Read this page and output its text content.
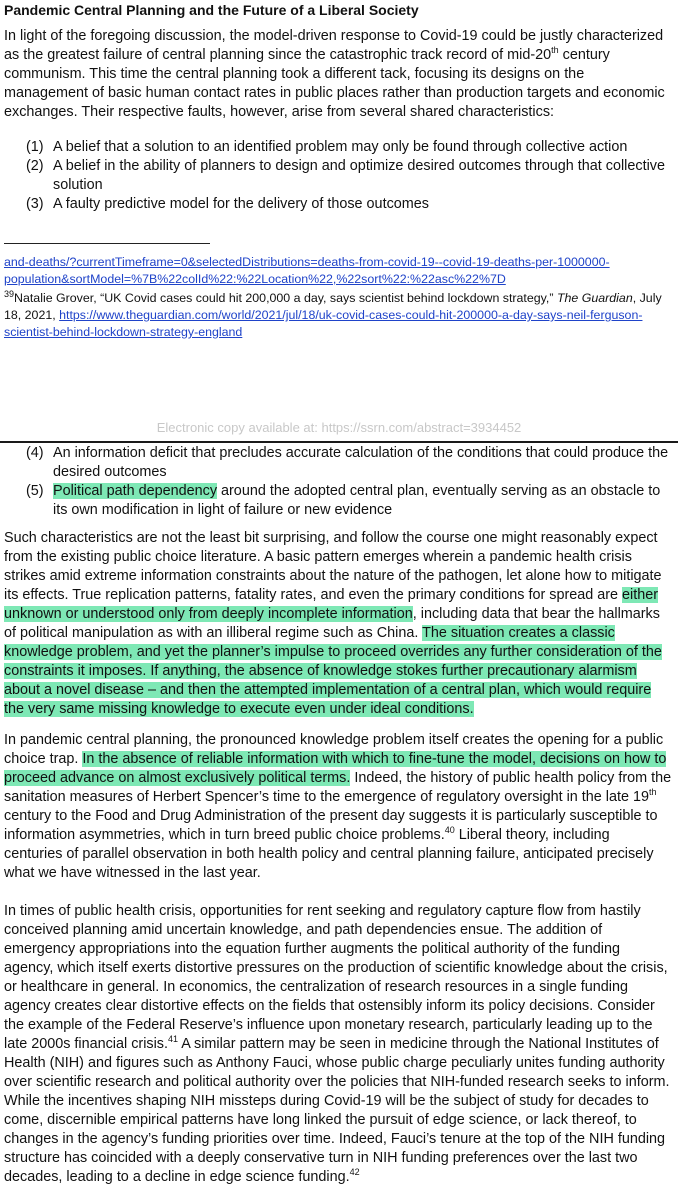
Pandemic Central Planning and the Future of a Liberal Society

In light of the foregoing discussion, the model-driven response to Covid-19 could be justly characterized as the greatest failure of central planning since the catastrophic track record of mid-20th century communism. This time the central planning took a different tack, focusing its designs on the management of basic human contact rates in public places rather than production targets and economic exchanges. Their respective faults, however, arise from several shared characteristics:

(1) A belief that a solution to an identified problem may only be found through collective action
(2) A belief in the ability of planners to design and optimize desired outcomes through that collective solution
(3) A faulty predictive model for the delivery of those outcomes
and-deaths/?currentTimeframe=0&selectedDistributions=deaths-from-covid-19--covid-19-deaths-per-1000000-population&sortModel=%7B%22colId%22:%22Location%22,%22sort%22:%22asc%22%7D
$^{39}$Natalie Grover, “UK Covid cases could hit 200,000 a day, says scientist behind lockdown strategy,” The Guardian, July 18, 2021, https://www.theguardian.com/world/2021/jul/18/uk-covid-cases-could-hit-200000-a-day-says-neil-ferguson-scientist-behind-lockdown-strategy-england
Electronic copy available at: https://ssrn.com/abstract=3934452
(4) An information deficit that precludes accurate calculation of the conditions that could produce the desired outcomes
(5) Political path dependency around the adopted central plan, eventually serving as an obstacle to its own modification in light of failure or new evidence

Such characteristics are not the least bit surprising, and follow the course one might reasonably expect from the existing public choice literature. A basic pattern emerges wherein a pandemic health crisis strikes amid extreme information constraints about the nature of the pathogen, let alone how to mitigate its effects. True replication patterns, fatality rates, and even the primary conditions for spread are either unknown or understood only from deeply incomplete information, including data that bear the hallmarks of political manipulation as with an illiberal regime such as China. The situation creates a classic knowledge problem, and yet the planner’s impulse to proceed overrides any further consideration of the constraints it imposes. If anything, the absence of knowledge stokes further precautionary alarmism about a novel disease – and then the attempted implementation of a central plan, which would require the very same missing knowledge to execute even under ideal conditions.

In pandemic central planning, the pronounced knowledge problem itself creates the opening for a public choice trap. In the absence of reliable information with which to fine-tune the model, decisions on how to proceed advance on almost exclusively political terms. Indeed, the history of public health policy from the sanitation measures of Herbert Spencer’s time to the emergence of regulatory oversight in the late 19th century to the Food and Drug Administration of the present day suggests it is particularly susceptible to information asymmetries, which in turn breed public choice problems.$^{40}$ Liberal theory, including centuries of parallel observation in both health policy and central planning failure, anticipated precisely what we have witnessed in the last year.

In times of public health crisis, opportunities for rent seeking and regulatory capture flow from hastily conceived planning amid uncertain knowledge, and path dependencies ensue. The addition of emergency appropriations into the equation further augments the political authority of the funding agency, which itself exerts distortive pressures on the production of scientific knowledge about the crisis, or healthcare in general. In economics, the centralization of research resources in a single funding agency creates clear distortive effects on the fields that ostensibly inform its policy decisions. Consider the example of the Federal Reserve’s influence upon monetary research, particularly leading up to the late 2000s financial crisis.$^{41}$ A similar pattern may be seen in medicine through the National Institutes of Health (NIH) and figures such as Anthony Fauci, whose public charge peculiarly unites funding authority over scientific research and political authority over the policies that NIH-funded research seeks to inform. While the incentives shaping NIH missteps during Covid-19 will be the subject of study for decades to come, discernible empirical patterns have long linked the pursuit of edge science, or lack thereof, to changes in the agency’s funding priorities over time. Indeed, Fauci’s tenure at the top of the NIH funding structure has coincided with a deeply conservative turn in NIH funding preferences over the last two decades, leading to a decline in edge science funding.$^{42}$
